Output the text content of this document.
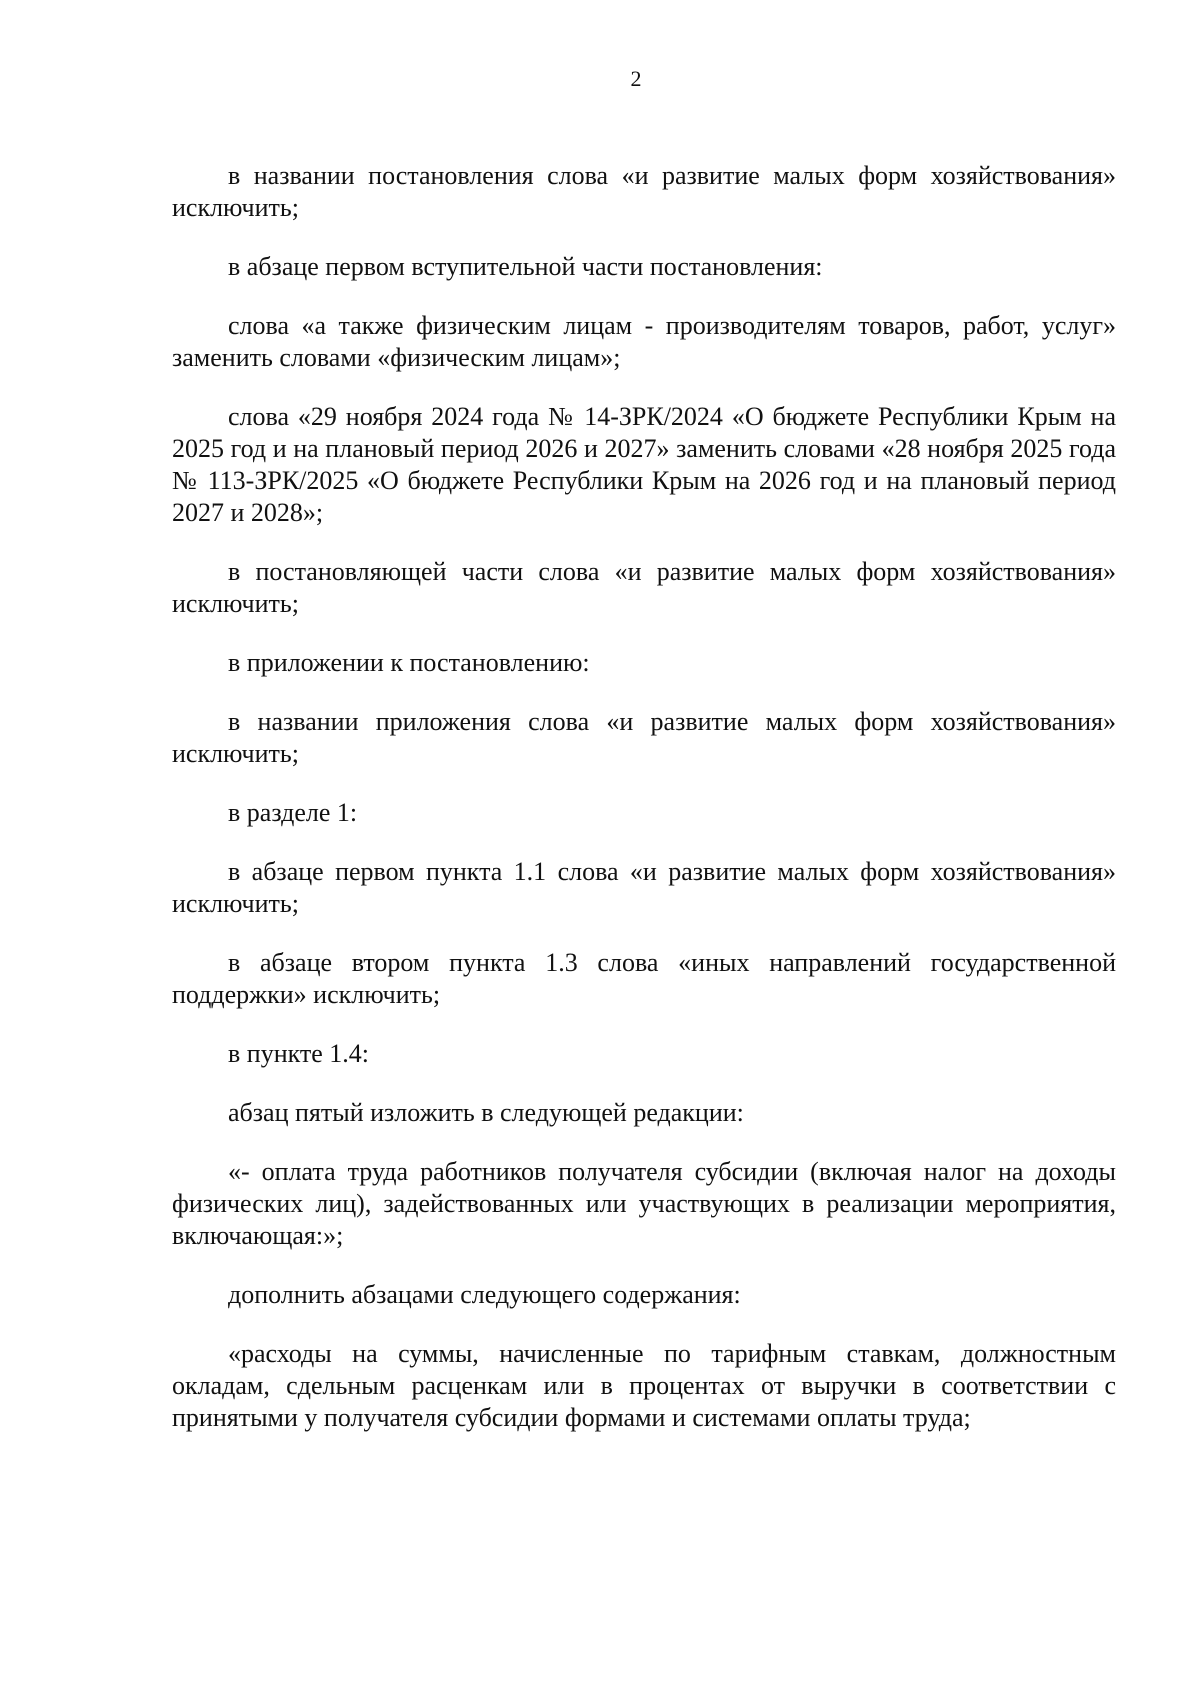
2

в названии постановления слова «и развитие малых форм хозяйствования» исключить;

в абзаце первом вступительной части постановления:

слова «а также физическим лицам - производителям товаров, работ, услуг» заменить словами «физическим лицам»;

слова «29 ноября 2024 года № 14-ЗРК/2024 «О бюджете Республики Крым на 2025 год и на плановый период 2026 и 2027» заменить словами «28 ноября 2025 года № 113-ЗРК/2025 «О бюджете Республики Крым на 2026 год и на плановый период 2027 и 2028»;

в постановляющей части слова «и развитие малых форм хозяйствования» исключить;

в приложении к постановлению:

в названии приложения слова «и развитие малых форм хозяйствования» исключить;

в разделе 1:

в абзаце первом пункта 1.1 слова «и развитие малых форм хозяйствования» исключить;

в абзаце втором пункта 1.3 слова «иных направлений государственной поддержки» исключить;

в пункте 1.4:

абзац пятый изложить в следующей редакции:

«- оплата труда работников получателя субсидии (включая налог на доходы физических лиц), задействованных или участвующих в реализации мероприятия, включающая:»;

дополнить абзацами следующего содержания:

«расходы на суммы, начисленные по тарифным ставкам, должностным окладам, сдельным расценкам или в процентах от выручки в соответствии с принятыми у получателя субсидии формами и системами оплаты труда;
